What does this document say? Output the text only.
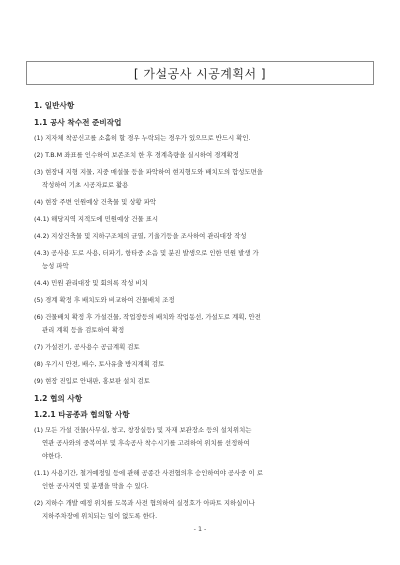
[ 가설공사 시공계획서 ]
1. 일반사항
1.1 공사 착수전 준비작업
(1) 지자체 착공신고를 소홀히 할 경우 누락되는 경우가 있으므로 반드시 확인.
(2) T.B.M 좌표를 인수하여 보존조치 한 후 경계측량을 실시하여 경계확정
(3) 현장내 지형 지물, 지중 매설물 등을 파악하여 현지형도와 배치도의 합성도면을
작성하여 기초 시공자료로 활용
(4) 현장 주변 인원예상 건축물 및 상황 파악
(4.1) 해당지역 지적도에 민원예상 건물 표시
(4.2) 지상건축물 및 지하구조체의 균열, 기울기등을 조사하여 관리대장 작성
(4.3) 공사용 도로 사용, 터파기, 항타중 소음 및 분진 발생으로 인한 민원 발생 가
능성 파악
(4.4) 민원 관리대장 및 회의록 작성 비치
(5) 경계 확정 후 배치도와 비교하여 건물배치 조정
(6) 건물배치 확정 후 가설건물, 작업장등의 배치와 작업동선, 가설도로 계획, 안전
관리 계획 등을 검토하여 확정
(7) 가설전기, 공사용수 공급계획 검토
(8) 우기시 안전, 배수, 토사유출 방지계획 검토
(9) 현장 진입로 안내판, 홍보판 설치 검토
1.2 협의 사항
1.2.1 타공종과 협의할 사항
(1) 모든 가설 건물(사무실, 창고, 창장실등) 및 자재 보관장소 등의 설치위치는
연관 공사와의 중복여부 및 후속공사 착수시기를 고려하여 위치를 선정하여
야한다.
(1.1) 사용기간, 철거예정일 등에 관해 공종간 사전협의후 승인하여야 공사중 이 로
인한 공사지연 및 분쟁을 막을 수 있다.
(2) 지하수 개발 예정 위치를 도목과 사전 협의하여 실정호가 아파트 지하실이나
지하주차장에 위치되는 일이 없도록 한다.
- 1 -
